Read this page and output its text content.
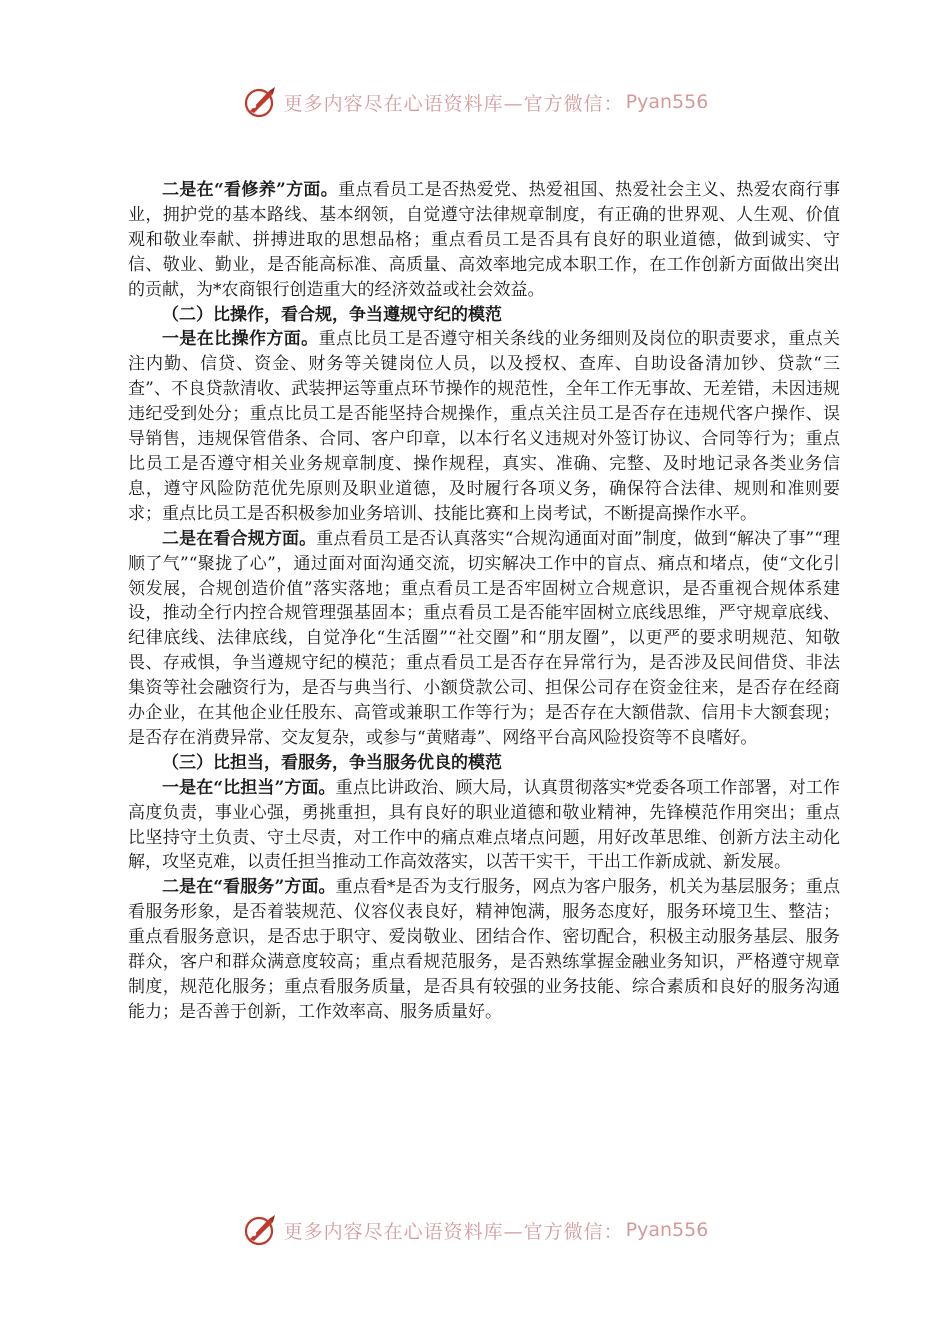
更多内容尽在心语资料库—官方微信： Pyan556

二是在“看修养”方面。重点看员工是否热爱党、热爱祖国、热爱社会主义、热爱农商行事业，拥护党的基本路线、基本纲领，自觉遵守法律规章制度，有正确的世界观、人生观、价值观和敬业奉献、拼搏进取的思想品格；重点看员工是否具有良好的职业道德，做到诚实、守信、敬业、勤业，是否能高标准、高质量、高效率地完成本职工作，在工作创新方面做出突出的贡献，为*农商银行创造重大的经济效益或社会效益。

（二）比操作，看合规，争当遵规守纪的模范

一是在比操作方面。重点比员工是否遵守相关条线的业务细则及岗位的职责要求，重点关注内勤、信贷、资金、财务等关键岗位人员，以及授权、查库、自助设备清加钞、贷款“三查”、不良贷款清收、武装押运等重点环节操作的规范性，全年工作无事故、无差错，未因违规违纪受到处分；重点比员工是否能坚持合规操作，重点关注员工是否存在违规代客户操作、误导销售，违规保管借条、合同、客户印章，以本行名义违规对外签订协议、合同等行为；重点比员工是否遵守相关业务规章制度、操作规程，真实、准确、完整、及时地记录各类业务信息，遵守风险防范优先原则及职业道德，及时履行各项义务，确保符合法律、规则和准则要求；重点比员工是否积极参加业务培训、技能比赛和上岗考试，不断提高操作水平。

二是在看合规方面。重点看员工是否认真落实“合规沟通面对面”制度，做到“解决了事”“理顺了气”“聚拢了心”，通过面对面沟通交流，切实解决工作中的盲点、痛点和堵点，使“文化引领发展，合规创造价值”落实落地；重点看员工是否牢固树立合规意识，是否重视合规体系建设，推动全行内控合规管理强基固本；重点看员工是否能牢固树立底线思维，严守规章底线、纪律底线、法律底线，自觉净化“生活圈”“社交圈”和“朋友圈”，以更严的要求明规范、知敬畏、存戒惧，争当遵规守纪的模范；重点看员工是否存在异常行为，是否涉及民间借贷、非法集资等社会融资行为，是否与典当行、小额贷款公司、担保公司存在资金往来，是否存在经商办企业，在其他企业任股东、高管或兼职工作等行为；是否存在大额借款、信用卡大额套现；是否存在消费异常、交友复杂，或参与“黄赌毒”、网络平台高风险投资等不良嗜好。

（三）比担当，看服务，争当服务优良的模范

一是在“比担当”方面。重点比讲政治、顾大局，认真贯彻落实*党委各项工作部署，对工作高度负责，事业心强，勇挑重担，具有良好的职业道德和敬业精神，先锋模范作用突出；重点比坚持守土负责、守土尽责，对工作中的痛点难点堵点问题，用好改革思维、创新方法主动化解，攻坚克难，以责任担当推动工作高效落实，以苦干实干，干出工作新成就、新发展。

二是在“看服务”方面。重点看*是否为支行服务，网点为客户服务，机关为基层服务；重点看服务形象，是否着装规范、仪容仪表良好，精神饱满，服务态度好，服务环境卫生、整洁；重点看服务意识，是否忠于职守、爱岗敬业、团结合作、密切配合，积极主动服务基层、服务群众，客户和群众满意度较高；重点看规范服务，是否熟练掌握金融业务知识，严格遵守规章制度，规范化服务；重点看服务质量，是否具有较强的业务技能、综合素质和良好的服务沟通能力；是否善于创新，工作效率高、服务质量好。

更多内容尽在心语资料库—官方微信： Pyan556
